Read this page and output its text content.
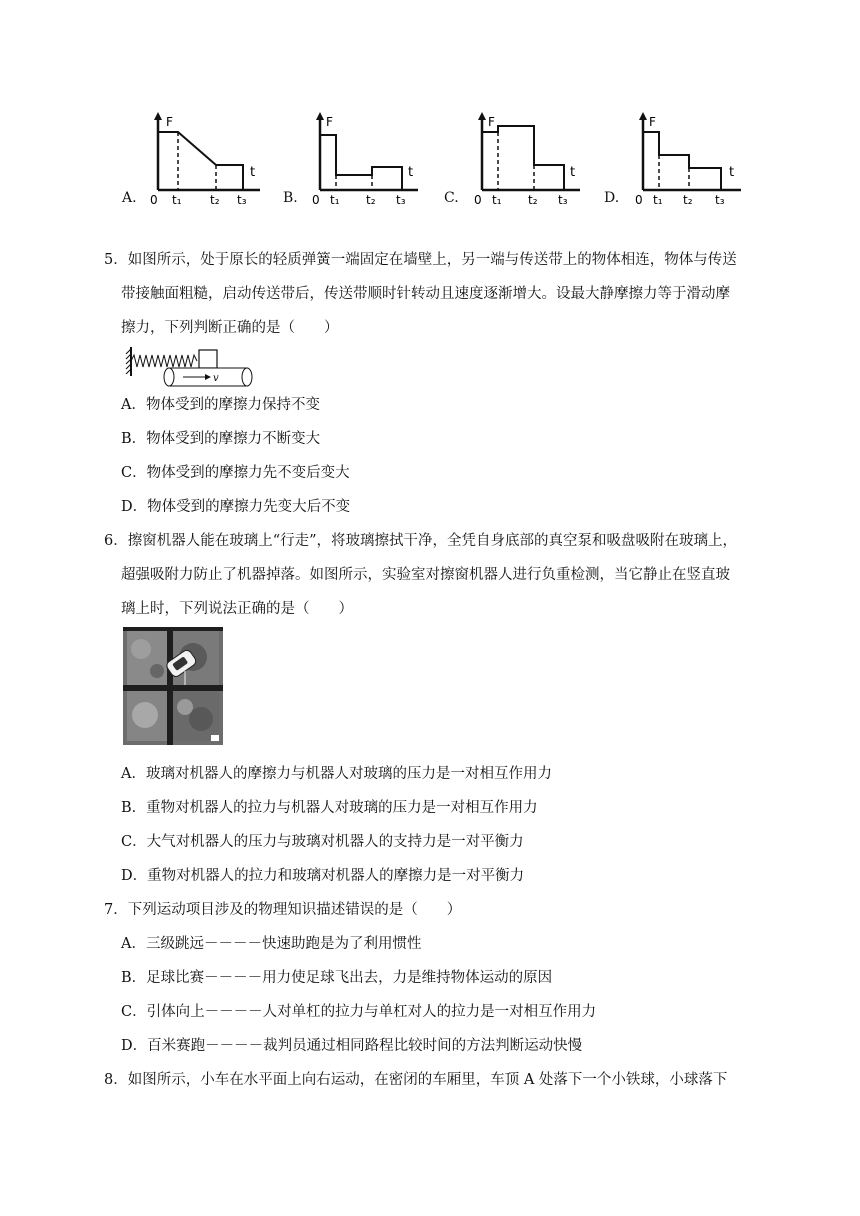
A.
F
t
0 t₁ t₂ t₃	B.
F
t
0 t₁ t₂ t₃	C.
F
t
0 t₁ t₂ t₃	D.
F
t
0 t₁ t₂ t₃
5．如图所示，处于原长的轻质弹簧一端固定在墙壁上，另一端与传送带上的物体相连，物体与传送
带接触面粗糙，启动传送带后，传送带顺时针转动且速度逐渐增大。设最大静摩擦力等于滑动摩
擦力，下列判断正确的是（　　）
v
A．物体受到的摩擦力保持不变
B．物体受到的摩擦力不断变大
C．物体受到的摩擦力先不变后变大
D．物体受到的摩擦力先变大后不变
6．擦窗机器人能在玻璃上“行走”，将玻璃擦拭干净，全凭自身底部的真空泵和吸盘吸附在玻璃上，
超强吸附力防止了机器掉落。如图所示，实验室对擦窗机器人进行负重检测，当它静止在竖直玻
璃上时，下列说法正确的是（　　）
A．玻璃对机器人的摩擦力与机器人对玻璃的压力是一对相互作用力
B．重物对机器人的拉力与机器人对玻璃的压力是一对相互作用力
C．大气对机器人的压力与玻璃对机器人的支持力是一对平衡力
D．重物对机器人的拉力和玻璃对机器人的摩擦力是一对平衡力
7．下列运动项目涉及的物理知识描述错误的是（　　）
A．三级跳远－－－－快速助跑是为了利用惯性
B．足球比赛－－－－用力使足球飞出去，力是维持物体运动的原因
C．引体向上－－－－人对单杠的拉力与单杠对人的拉力是一对相互作用力
D．百米赛跑－－－－裁判员通过相同路程比较时间的方法判断运动快慢
8．如图所示，小车在水平面上向右运动，在密闭的车厢里，车顶 A 处落下一个小铁球，小球落下
